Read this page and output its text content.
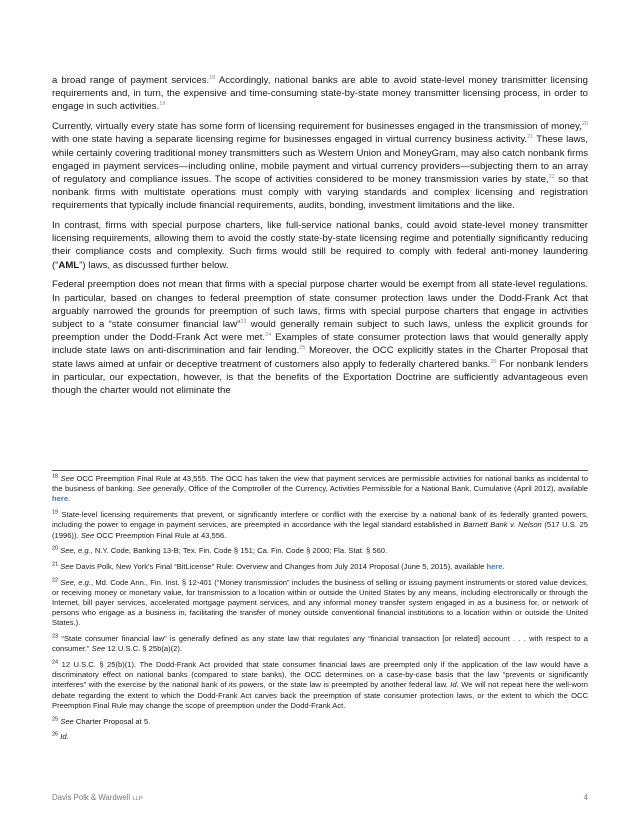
a broad range of payment services.$^{18}$ Accordingly, national banks are able to avoid state-level money transmitter licensing requirements and, in turn, the expensive and time-consuming state-by-state money transmitter licensing process, in order to engage in such activities.$^{19}$

Currently, virtually every state has some form of licensing requirement for businesses engaged in the transmission of money,$^{20}$ with one state having a separate licensing regime for businesses engaged in virtual currency business activity.$^{21}$ These laws, while certainly covering traditional money transmitters such as Western Union and MoneyGram, may also catch nonbank firms engaged in payment services—including online, mobile payment and virtual currency providers—subjecting them to an array of regulatory and compliance issues. The scope of activities considered to be money transmission varies by state,$^{22}$ so that nonbank firms with multistate operations must comply with varying standards and complex licensing and registration requirements that typically include financial requirements, audits, bonding, investment limitations and the like.

In contrast, firms with special purpose charters, like full-service national banks, could avoid state-level money transmitter licensing requirements, allowing them to avoid the costly state-by-state licensing regime and potentially significantly reducing their compliance costs and complexity. Such firms would still be required to comply with federal anti-money laundering (“AML”) laws, as discussed further below.

Federal preemption does not mean that firms with a special purpose charter would be exempt from all state-level regulations. In particular, based on changes to federal preemption of state consumer protection laws under the Dodd-Frank Act that arguably narrowed the grounds for preemption of such laws, firms with special purpose charters that engage in activities subject to a “state consumer financial law”$^{23}$ would generally remain subject to such laws, unless the explicit grounds for preemption under the Dodd-Frank Act were met.$^{24}$ Examples of state consumer protection laws that would generally apply include state laws on anti-discrimination and fair lending.$^{25}$ Moreover, the OCC explicitly states in the Charter Proposal that state laws aimed at unfair or deceptive treatment of customers also apply to federally chartered banks.$^{26}$ For nonbank lenders in particular, our expectation, however, is that the benefits of the Exportation Doctrine are sufficiently advantageous even though the charter would not eliminate the

$^{18}$ See OCC Preemption Final Rule at 43,555. The OCC has taken the view that payment services are permissible activities for national banks as incidental to the business of banking. See generally, Office of the Comptroller of the Currency, Activities Permissible for a National Bank, Cumulative (April 2012), available here.
$^{19}$ State-level licensing requirements that prevent, or significantly interfere or conflict with the exercise by a national bank of its federally granted powers, including the power to engage in payment services, are preempted in accordance with the legal standard established in Barnett Bank v. Nelson (517 U.S. 25 (1996)). See OCC Preemption Final Rule at 43,556.
$^{20}$ See, e.g., N.Y. Code, Banking 13-B; Tex. Fin. Code § 151; Ca. Fin. Code § 2000; Fla. Stat. § 560.
$^{21}$ See Davis Polk, New York’s Final “BitLicense” Rule: Overview and Changes from July 2014 Proposal (June 5, 2015), available here.
$^{22}$ See, e.g., Md. Code Ann., Fin. Inst. § 12-401 (“Money transmission” includes the business of selling or issuing payment instruments or stored value devices, or receiving money or monetary value, for transmission to a location within or outside the United States by any means, including electronically or through the Internet, bill payer services, accelerated mortgage payment services, and any informal money transfer system engaged in as a business for, or network of persons who engage as a business in, facilitating the transfer of money outside conventional financial institutions to a location within or outside the United States.).
$^{23}$ “State consumer financial law” is generally defined as any state law that regulates any “financial transaction [or related] account . . . with respect to a consumer.” See 12 U.S.C. § 25b(a)(2).
$^{24}$ 12 U.S.C. § 25(b)(1). The Dodd-Frank Act provided that state consumer financial laws are preempted only if the application of the law would have a discriminatory effect on national banks (compared to state banks), the OCC determines on a case-by-case basis that the law “prevents or significantly interferes” with the exercise by the national bank of its powers, or the state law is preempted by another federal law. Id. We will not repeat here the well-worn debate regarding the extent to which the Dodd-Frank Act carves back the preemption of state consumer protection laws, or the extent to which the OCC Preemption Final Rule may change the scope of preemption under the Dodd-Frank Act.
$^{25}$ See Charter Proposal at 5.
$^{26}$ Id.
Davis Polk & Wardwell LLP	4
